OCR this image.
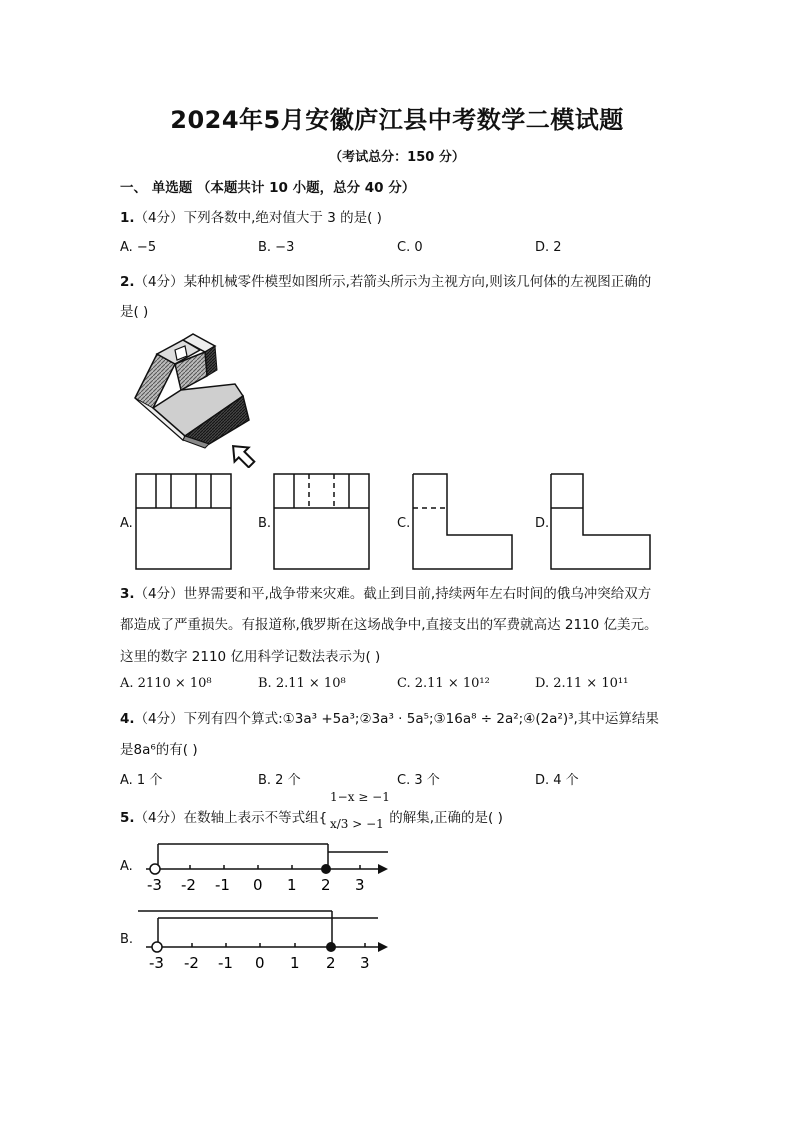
2024年5月安徽庐江县中考数学二模试题
（考试总分：150 分）
一、 单选题 （本题共计 10 小题，总分 40 分）
1.（4分）下列各数中,绝对值大于 3 的是( )
A. −5	B. −3	C. 0	D. 2
2.（4分）某种机械零件模型如图所示,若箭头所示为主视方向,则该几何体的左视图正确的
是( )
A.	B.	C.	D.
3.（4分）世界需要和平,战争带来灾难。截止到目前,持续两年左右时间的俄乌冲突给双方
都造成了严重损失。有报道称,俄罗斯在这场战争中,直接支出的军费就高达 2110 亿美元。
这里的数字 2110 亿用科学记数法表示为( )
A. 2110 × 10⁸	B. 2.11 × 10⁸	C. 2.11 × 10¹²	D. 2.11 × 10¹¹
4.（4分）下列有四个算式:①3a³ +5a³;②3a³ · 5a⁵;③16a⁸ ÷ 2a²;④(2a²)³,其中运算结果
是8a⁶的有( )
A. 1 个	B. 2 个	C. 3 个	D. 4 个
5.（4分）在数轴上表示不等式组{	的解集,正确的是( )
1−x ≥ −1
x/3 > −1
A.
-3 -2 -1 0 1 2 3
B.
-3 -2 -1 0 1 2 3
